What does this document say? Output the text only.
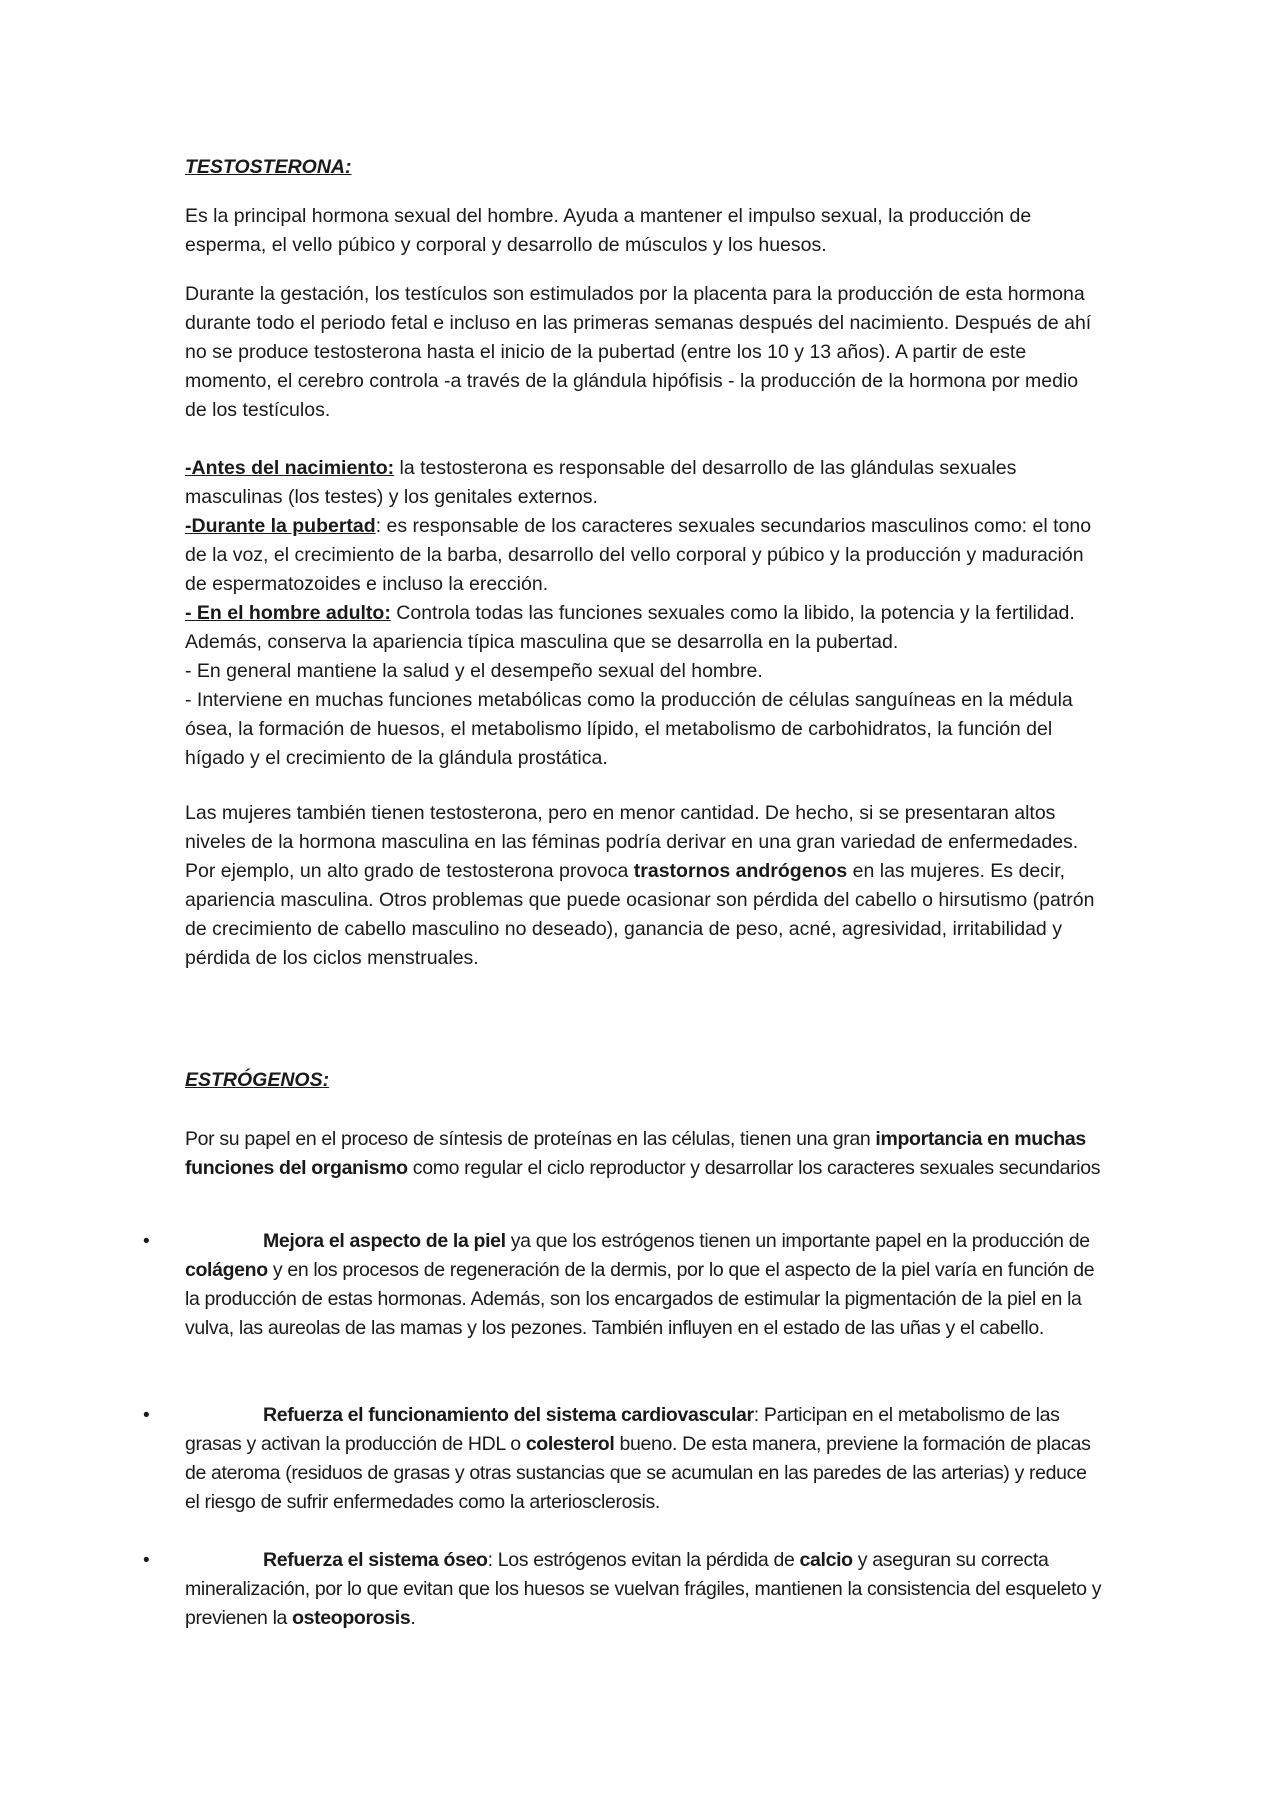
TESTOSTERONA:

Es la principal hormona sexual del hombre. Ayuda a mantener el impulso sexual, la producción de esperma, el vello púbico y corporal y desarrollo de músculos y los huesos.

Durante la gestación, los testículos son estimulados por la placenta para la producción de esta hormona durante todo el periodo fetal e incluso en las primeras semanas después del nacimiento. Después de ahí no se produce testosterona hasta el inicio de la pubertad (entre los 10 y 13 años). A partir de este momento, el cerebro controla -a través de la glándula hipófisis - la producción de la hormona por medio de los testículos.

-Antes del nacimiento: la testosterona es responsable del desarrollo de las glándulas sexuales masculinas (los testes) y los genitales externos.

-Durante la pubertad: es responsable de los caracteres sexuales secundarios masculinos como: el tono de la voz, el crecimiento de la barba, desarrollo del vello corporal y púbico y la producción y maduración de espermatozoides e incluso la erección.

- En el hombre adulto: Controla todas las funciones sexuales como la libido, la potencia y la fertilidad. Además, conserva la apariencia típica masculina que se desarrolla en la pubertad.

- En general mantiene la salud y el desempeño sexual del hombre.

- Interviene en muchas funciones metabólicas como la producción de células sanguíneas en la médula ósea, la formación de huesos, el metabolismo lípido, el metabolismo de carbohidratos, la función del hígado y el crecimiento de la glándula prostática.

Las mujeres también tienen testosterona, pero en menor cantidad. De hecho, si se presentaran altos niveles de la hormona masculina en las féminas podría derivar en una gran variedad de enfermedades.

Por ejemplo, un alto grado de testosterona provoca trastornos andrógenos en las mujeres. Es decir, apariencia masculina. Otros problemas que puede ocasionar son pérdida del cabello o hirsutismo (patrón de crecimiento de cabello masculino no deseado), ganancia de peso, acné, agresividad, irritabilidad y pérdida de los ciclos menstruales.

ESTRÓGENOS:

Por su papel en el proceso de síntesis de proteínas en las células, tienen una gran importancia en muchas funciones del organismo como regular el ciclo reproductor y desarrollar los caracteres sexuales secundarios

•	Mejora el aspecto de la piel ya que los estrógenos tienen un importante papel en la producción de colágeno y en los procesos de regeneración de la dermis, por lo que el aspecto de la piel varía en función de la producción de estas hormonas. Además, son los encargados de estimular la pigmentación de la piel en la vulva, las aureolas de las mamas y los pezones. También influyen en el estado de las uñas y el cabello.

•	Refuerza el funcionamiento del sistema cardiovascular: Participan en el metabolismo de las grasas y activan la producción de HDL o colesterol bueno. De esta manera, previene la formación de placas de ateroma (residuos de grasas y otras sustancias que se acumulan en las paredes de las arterias) y reduce el riesgo de sufrir enfermedades como la arteriosclerosis.

•	Refuerza el sistema óseo: Los estrógenos evitan la pérdida de calcio y aseguran su correcta mineralización, por lo que evitan que los huesos se vuelvan frágiles, mantienen la consistencia del esqueleto y previenen la osteoporosis.
